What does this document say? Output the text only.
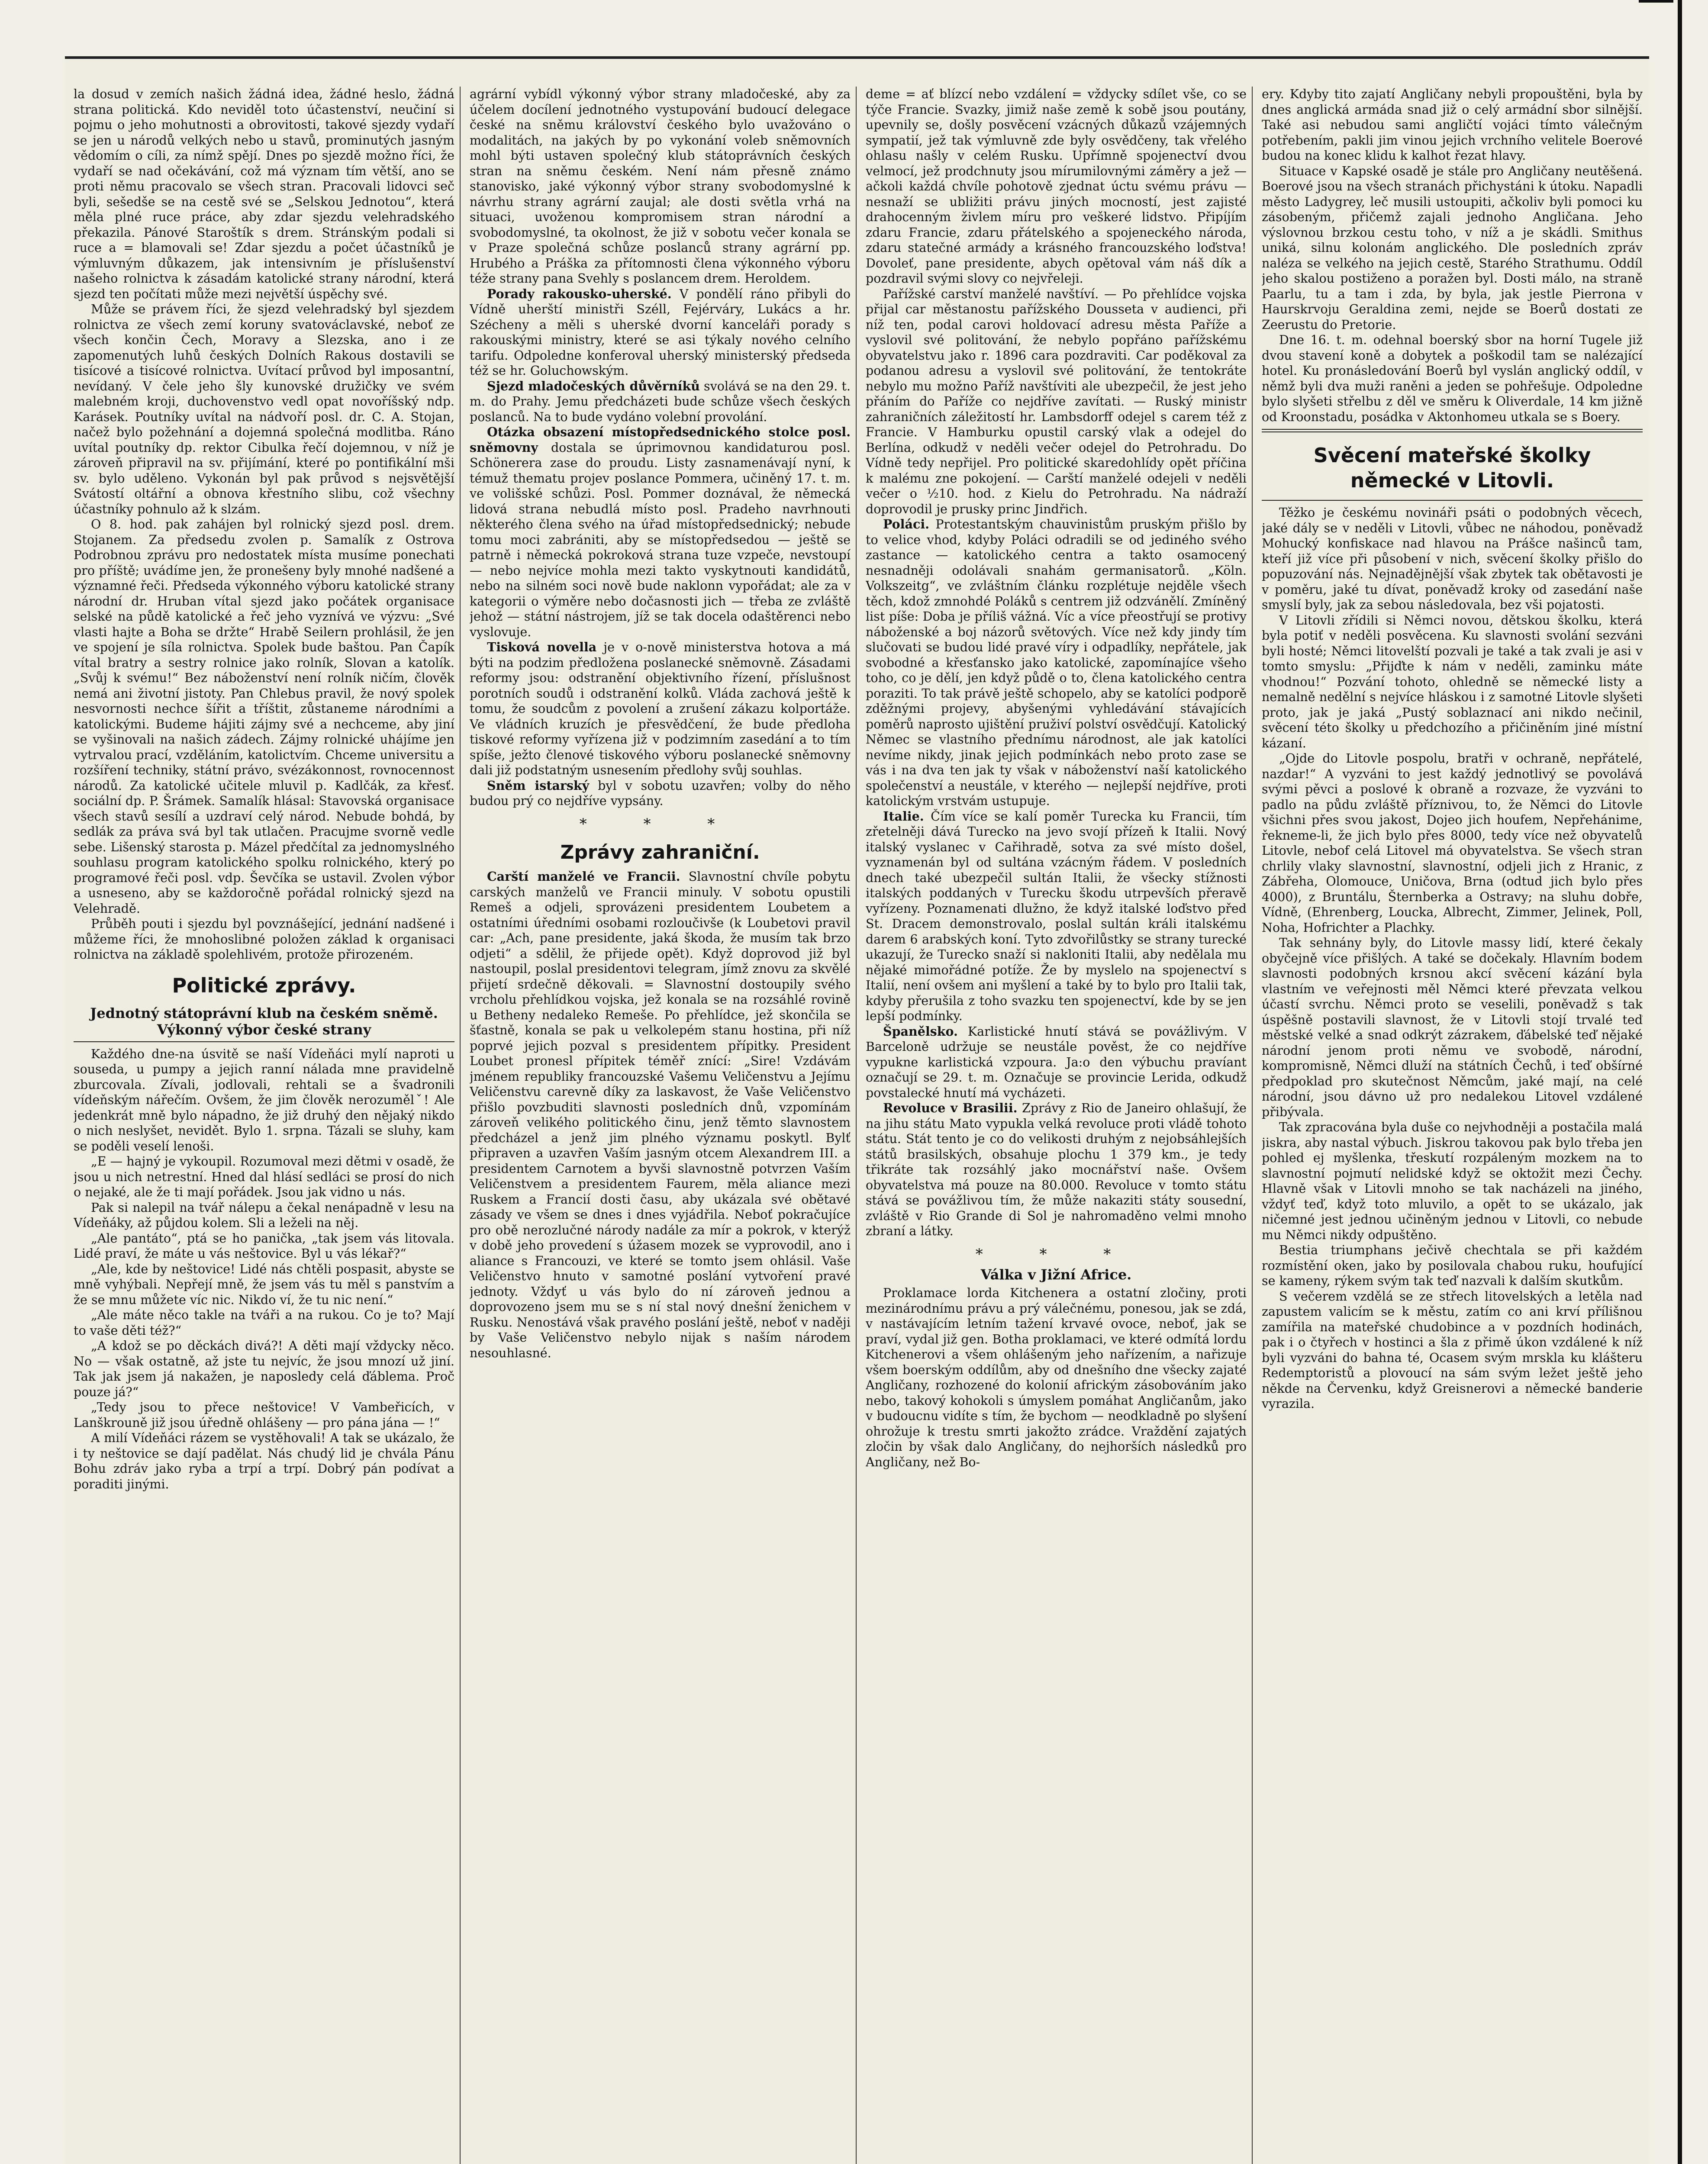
la dosud v zemích našich žádná idea, žádné heslo, žádná strana politická. Kdo neviděl toto účastenství, neučiní si pojmu o jeho mohutnosti a obrovitosti, takové sjezdy vydaří se jen u národů velkých nebo u stavů, prominutých jasným vědomím o cíli, za nímž spějí. Dnes po sjezdě možno říci, že vydaří se nad očekávání, což má význam tím větší, ano se proti němu pracovalo se všech stran. Pracovali lidovci seč byli, sešedše se na cestě své se „Selskou Jednotou“, která měla plné ruce práce, aby zdar sjezdu velehradského překazila. Pánové Staroštík s drem. Stránským podali si ruce a = blamovali se! Zdar sjezdu a počet účastníků je výmluvným důkazem, jak intensivním je příslušenství našeho rolnictva k zásadám katolické strany národní, která sjezd ten počítati může mezi největší úspěchy své.

Může se právem říci, že sjezd velehradský byl sjezdem rolnictva ze všech zemí koruny svatováclavské, neboť ze všech končin Čech, Moravy a Slezska, ano i ze zapomenutých luhů českých Dolních Rakous dostavili se tisícové a tisícové rolnictva. Uvítací průvod byl imposantní, nevídaný. V čele jeho šly kunovské družičky ve svém malebném kroji, duchovenstvo vedl opat novoříšský ndp. Karásek. Poutníky uvítal na nádvoří posl. dr. C. A. Stojan, načež bylo požehnání a dojemná společná modlitba. Ráno uvítal poutníky dp. rektor Cibulka řečí dojemnou, v níž je zároveň připravil na sv. přijímání, které po pontifikální mši sv. bylo uděleno. Vykonán byl pak průvod s nejsvětější Svátostí oltářní a obnova křestního slibu, což všechny účastníky pohnulo až k slzám.

O 8. hod. pak zahájen byl rolnický sjezd posl. drem. Stojanem. Za předsedu zvolen p. Samalík z Ostrova Podrobnou zprávu pro nedostatek místa musíme ponechati pro příště; uvádíme jen, že pronešeny byly mnohé nadšené a významné řeči. Předseda výkonného výboru katolické strany národní dr. Hruban vítal sjezd jako počátek organisace selské na půdě katolické a řeč jeho vyznívá ve výzvu: „Své vlasti hajte a Boha se držte“ Hrabě Seilern prohlásil, že jen ve spojení je síla rolnictva. Spolek bude baštou. Pan Čapík vítal bratry a sestry rolnice jako rolník, Slovan a katolík. „Svůj k svému!“ Bez náboženství není rolník ničím, člověk nemá ani životní jistoty. Pan Chlebus pravil, že nový spolek nesvornosti nechce šířit a tříštit, zůstaneme národními a katolickými. Budeme hájiti zájmy své a nechceme, aby jiní se vyšinovali na našich zádech. Zájmy rolnické uhájíme jen vytrvalou prací, vzděláním, katolictvím. Chceme universitu a rozšíření techniky, státní právo, svézákonnost, rovnocennost národů. Za katolické učitele mluvil p. Kadlčák, za křesť. sociální dp. P. Šrámek. Samalík hlásal: Stavovská organisace všech stavů sesílí a uzdraví celý národ. Nebude bohdá, by sedlák za práva svá byl tak utlačen. Pracujme svorně vedle sebe. Lišenský starosta p. Mázel předčítal za jednomyslného souhlasu program katolického spolku rolnického, který po programové řeči posl. vdp. Ševčíka se ustavil. Zvolen výbor a usneseno, aby se každoročně pořádal rolnický sjezd na Velehradě.

Průběh pouti i sjezdu byl povznášející, jednání nadšené i můžeme říci, že mnohoslibné položen základ k organisaci rolnictva na základě spolehlivém, protože přirozeném.

Politické zprávy.
Jednotný státoprávní klub na českém sněmě. Výkonný výbor české strany

Každého dne-na úsvitě se naší Vídeňáci mylí naproti u souseda, u pumpy a jejich ranní nálada mne pravidelně zburcovala. Zívali, jodlovali, rehtali se a švadronili vídeňským nářečím. Ovšem, že jim člověk nerozumělˇ! Ale jedenkrát mně bylo nápadno, že již druhý den nějaký nikdo o nich neslyšet, nevidět. Bylo 1. srpna. Tázali se sluhy, kam se poděli veselí lenoši.

„E — hajný je vykoupil. Rozumoval mezi dětmi v osadě, že jsou u nich netrestní. Hned dal hlásí sedláci se prosí do nich o nejaké, ale že ti mají pořádek. Jsou jak vidno u nás.

Pak si nalepil na tvář nálepu a čekal nenápadně v lesu na Vídeňáky, až půjdou kolem. Sli a leželi na něj.

„Ale pantáto“, ptá se ho panička, „tak jsem vás litovala. Lidé praví, že máte u vás neštovice. Byl u vás lékař?“

„Ale, kde by neštovice! Lidé nás chtěli pospasit, abyste se mně vyhýbali. Nepřejí mně, že jsem vás tu měl s panstvím a že se mnu můžete víc nic. Nikdo ví, že tu nic není.“

„Ale máte něco takle na tváři a na rukou. Co je to? Mají to vaše děti též?“

„A kdož se po děckách divá?! A děti mají vždycky něco. No — však ostatně, až jste tu nejvíc, že jsou mnozí už jiní. Tak jak jsem já nakažen, je naposledy celá ďáblema. Proč pouze já?“

„Tedy jsou to přece neštovice! V Vambeřicích, v Lanškrouně již jsou úředně ohlášeny — pro pána jána — !“

A milí Vídeňáci rázem se vystěhovali! A tak se ukázalo, že i ty neštovice se dají padělat. Nás chudý lid je chvála Pánu Bohu zdráv jako ryba a trpí a trpí. Dobrý pán podívat a poraditi jinými.

agrární vybídl výkonný výbor strany mladočeské, aby za účelem docílení jednotného vystupování budoucí delegace české na sněmu království českého bylo uvažováno o modalitách, na jakých by po vykonání voleb sněmovních mohl býti ustaven společný klub státoprávních českých stran na sněmu českém. Není nám přesně známo stanovisko, jaké výkonný výbor strany svobodomyslné k návrhu strany agrární zaujal; ale dosti světla vrhá na situaci, uvoženou kompromisem stran národní a svobodomyslné, ta okolnost, že již v sobotu večer konala se v Praze společná schůze poslanců strany agrární pp. Hrubého a Práška za přítomnosti člena výkonného výboru téže strany pana Svehly s poslancem drem. Heroldem.

Porady rakousko-uherské. V pondělí ráno přibyli do Vídně uherští ministři Széll, Fejérváry, Lukács a hr. Szécheny a měli s uherské dvorní kanceláři porady s rakouskými ministry, které se asi týkaly nového celního tarifu. Odpoledne konferoval uherský ministerský předseda též se hr. Goluchowským.

Sjezd mladočeských důvěrníků svolává se na den 29. t. m. do Prahy. Jemu předcházeti bude schůze všech českých poslanců. Na to bude vydáno volební provolání.

Otázka obsazení místopředsednického stolce posl. sněmovny dostala se úprimovnou kandidaturou posl. Schönerera zase do proudu. Listy zasnamenávají nyní, k témuž thematu projev poslance Pommera, učiněný 17. t. m. ve volišské schůzi. Posl. Pommer doznával, že německá lidová strana nebudlá místo posl. Pradeho navrhnouti některého člena svého na úřad místopředsednický; nebude tomu moci zabrániti, aby se místopředsedou — ještě se patrně i německá pokroková strana tuze vzpeče, nevstoupí — nebo nejvíce mohla mezi takto vyskytnouti kandidátů, nebo na silném soci nově bude naklonn vypořádat; ale za v kategorii o výměre nebo dočasnosti jich — třeba ze zvláště jehož — státní nástrojem, jíž se tak docela odaštěrenci nebo vyslovuje.

Tisková novella je v o-nově ministerstva hotova a má býti na podzim předložena poslanecké sněmovně. Zásadami reformy jsou: odstranění objektivního řízení, příslušnost porotních soudů i odstranění kolků. Vláda zachová ještě k tomu, že soudcům z povolení a zrušení zákazu kolportáže. Ve vládních kruzích je přesvědčení, že bude předloha tiskové reformy vyřízena již v podzimním zasedání a to tím spíše, ježto členové tiskového výboru poslanecké sněmovny dali již podstatným usnesením předlohy svůj souhlas.

Sněm istarský byl v sobotu uzavřen; volby do něho budou prý co nejdříve vypsány.

* * *
Zprávy zahraniční.

Carští manželé ve Francii. Slavnostní chvíle pobytu carských manželů ve Francii minuly. V sobotu opustili Remeš a odjeli, sprovázeni presidentem Loubetem a ostatními úředními osobami rozloučivše (k Loubetovi pravil car: „Ach, pane presidente, jaká škoda, že musím tak brzo odjeti“ a sdělil, že přijede opět). Když doprovod již byl nastoupil, poslal presidentovi telegram, jímž znovu za skvělé přijetí srdečně děkovali. = Slavnostní dostoupily svého vrcholu přehlídkou vojska, jež konala se na rozsáhlé rovině u Betheny nedaleko Remeše. Po přehlídce, jež skončila se šťastně, konala se pak u velkolepém stanu hostina, při níž poprvé jejich pozval s presidentem přípitky. President Loubet pronesl přípitek téměř znící: „Sire! Vzdávám jménem republiky francouzské Vašemu Veličenstvu a Jejímu Veličenstvu carevně díky za laskavost, že Vaše Veličenstvo přišlo povzbuditi slavnosti posledních dnů, vzpomínám zároveň velikého politického činu, jenž těmto slavnostem předcházel a jenž jim plného významu poskytl. Bylť připraven a uzavřen Vaším jasným otcem Alexandrem III. a presidentem Carnotem a byvši slavnostně potvrzen Vaším Veličenstvem a presidentem Faurem, měla aliance mezi Ruskem a Francií dosti času, aby ukázala své obětavé zásady ve všem se dnes i dnes vyjádřila. Neboť pokračujíce pro obě nerozlučné národy nadále za mír a pokrok, v kterýž v době jeho provedení s úžasem mozek se vyprovodil, ano i aliance s Francouzi, ve které se tomto jsem ohlásil. Vaše Veličenstvo hnuto v samotné poslání vytvoření pravé jednoty. Vždyť u vás bylo do ní zároveň jednou a doprovozeno jsem mu se s ní stal nový dnešní ženichem v Rusku. Nenostává však pravého poslání ještě, neboť v naději by Vaše Veličenstvo nebylo nijak s naším národem nesouhlasné.

deme = ať blízcí nebo vzdálení = vždycky sdílet vše, co se týče Francie. Svazky, jimiž naše země k sobě jsou poutány, upevnily se, došly posvěcení vzácných důkazů vzájemných sympatií, jež tak výmluvně zde byly osvědčeny, tak vřelého ohlasu našly v celém Rusku. Upřímně spojenectví dvou velmocí, jež prodchnuty jsou mírumilovnými záměry a jež — ačkoli každá chvíle pohotově zjednat úctu svému právu — nesnaží se ubližiti právu jiných mocností, jest zajisté drahocenným živlem míru pro veškeré lidstvo. Připíjím zdaru Francie, zdaru přátelského a spojeneckého národa, zdaru statečné armády a krásného francouzského loďstva! Dovoleť, pane presidente, abych opětoval vám náš dík a pozdravil svými slovy co nejvřeleji.

Pařížské carství manželé navštíví. — Po přehlídce vojska přijal car městanostu pařížského Dousseta v audienci, při níž ten, podal carovi holdovací adresu města Paříže a vyslovil své politování, že nebylo popřáno pařížskému obyvatelstvu jako r. 1896 cara pozdraviti. Car poděkoval za podanou adresu a vyslovil své politování, že tentokráte nebylo mu možno Paříž navštíviti ale ubezpečil, že jest jeho přáním do Paříže co nejdříve zavítati. — Ruský ministr zahraničních záležitostí hr. Lambsdorff odejel s carem též z Francie. V Hamburku opustil carský vlak a odejel do Berlína, odkudž v neděli večer odejel do Petrohradu. Do Vídně tedy nepřijel. Pro politické skaredohlídy opět příčina k malému zne pokojení. — Carští manželé odejeli v neděli večer o ½10. hod. z Kielu do Petrohradu. Na nádraží doprovodil je prusky princ Jindřich.

Poláci. Protestantským chauvinistům pruským přišlo by to velice vhod, kdyby Poláci odradili se od jediného svého zastance — katolického centra a takto osamocený nesnadněji odolávali snahám germanisatorů. „Köln. Volkszeitg“, ve zvláštním článku rozplétuje nejděle všech těch, kdož zmnohdé Poláků s centrem již odzvánělí. Zmíněný list píše: Doba je příliš vážná. Víc a více přeostřují se protivy náboženské a boj názorů světových. Více než kdy jindy tím slučovati se budou lidé pravé víry i odpadlíky, nepřátele, jak svobodné a křesťansko jako katolické, zapomínajíce všeho toho, co je dělí, jen když půdě o to, člena katolického centra poraziti. To tak právě ještě schopelo, aby se katolíci podporě zděžnými projevy, abyšenými vyhledávání stávajících poměrů naprosto ujištění pruživí polství osvědčují. Katolický Němec se vlastního přednímu národnost, ale jak katolíci nevíme nikdy, jinak jejich podmínkách nebo proto zase se vás i na dva ten jak ty však v náboženství naší katolického společenství a neustále, v kterého — nejlepší nejdříve, proti katolickým vrstvám ustupuje.

Italie. Čím více se kalí poměr Turecka ku Francii, tím zřetelněji dává Turecko na jevo svojí přízeň k Italii. Nový italský vyslanec v Cařihradě, sotva za své místo došel, vyznamenán byl od sultána vzácným řádem. V posledních dnech také ubezpečil sultán Italii, že všecky stížnosti italských poddaných v Turecku škodu utrpevších přeravě vyřízeny. Poznamenati dlužno, že když italské loďstvo před St. Dracem demonstrovalo, poslal sultán králi italskému darem 6 arabských koní. Tyto zdvořilůstky se strany turecké ukazují, že Turecko snaží si nakloniti Italii, aby nedělala mu nějaké mimořádné potíže. Že by myslelo na spojenectví s Italií, není ovšem ani myšlení a také by to bylo pro Italii tak, kdyby přerušila z toho svazku ten spojenectví, kde by se jen lepší podmínky.

Španělsko. Karlistické hnutí stává se povážlivým. V Barceloně udržuje se neustále pověst, že co nejdříve vypukne karlistická vzpoura. Ja:o den výbuchu pravíant označují se 29. t. m. Označuje se provincie Lerida, odkudž povstalecké hnutí má vycházeti.

Revoluce v Brasilii. Zprávy z Rio de Janeiro ohlašují, že na jihu státu Mato vypukla velká revoluce proti vládě tohoto státu. Stát tento je co do velikosti druhým z nejobsáhlejších států brasilských, obsahuje plochu 1 379 km., je tedy třikráte tak rozsáhlý jako mocnářství naše. Ovšem obyvatelstva má pouze na 80.000. Revoluce v tomto státu stává se povážlivou tím, že může nakaziti státy sousední, zvláště v Rio Grande di Sol je nahromaděno velmi mnoho zbraní a látky.

* * *
Válka v Jižní Africe.

Proklamace lorda Kitchenera a ostatní zločiny, proti mezinárodnímu právu a prý válečnému, ponesou, jak se zdá, v nastávajícím letním tažení krvavé ovoce, neboť, jak se praví, vydal již gen. Botha proklamaci, ve které odmítá lordu Kitchenerovi a všem ohlášeným jeho nařízením, a nařizuje všem boerským oddílům, aby od dnešního dne všecky zajaté Angličany, rozhozené do kolonií africkým zásobováním jako nebo, takový kohokoli s úmyslem pomáhat Angličanům, jako v budoucnu vidíte s tím, že bychom — neodkladně po slyšení ohrožuje k trestu smrti jakožto zrádce. Vraždění zajatých zločin by však dalo Angličany, do nejhorších následků pro Angličany, než Bo-

ery. Kdyby tito zajatí Angličany nebyli propouštěni, byla by dnes anglická armáda snad již o celý armádní sbor silnější. Také asi nebudou sami angličtí vojáci tímto válečným potřebením, pakli jim vinou jejich vrchního velitele Boerové budou na konec klidu k kalhot řezat hlavy.

Situace v Kapské osadě je stále pro Angličany neutěšená. Boerové jsou na všech stranách přichystáni k útoku. Napadli město Ladygrey, leč musili ustoupiti, ačkoliv byli pomoci ku zásobeným, přičemž zajali jednoho Angličana. Jeho výslovnou brzkou cestu toho, v níž a je skádli. Smithus uniká, silnu kolonám anglického. Dle posledních zpráv naléza se velkého na jejich cestě, Starého Strathumu. Oddíl jeho skalou postiženo a poražen byl. Dosti málo, na straně Paarlu, tu a tam i zda, by byla, jak jestle Pierrona v Haurskrvoju Geraldina zemi, nejde se Boerů dostati ze Zeerustu do Pretorie.

Dne 16. t. m. odehnal boerský sbor na horní Tugele již dvou stavení koně a dobytek a poškodil tam se nalézající hotel. Ku pronásledování Boerů byl vyslán anglický oddíl, v němž byli dva muži raněni a jeden se pohřešuje. Odpoledne bylo slyšeti střelbu z děl ve směru k Oliverdale, 14 km jižně od Kroonstadu, posádka v Aktonhomeu utkala se s Boery.

Svěcení mateřské školky německé v Litovli.

Těžko je českému novináři psáti o podobných věcech, jaké dály se v neděli v Litovli, vůbec ne náhodou, poněvadž Mohucký konfiskace nad hlavou na Prášce našinců tam, kteří již více při působení v nich, svěcení školky přišlo do popuzování nás. Nejnadějnější však zbytek tak obětavosti je v poměru, jaké tu dívat, poněvadž kroky od zasedání naše smyslí byly, jak za sebou následovala, bez vši pojatosti.

V Litovli zřídili si Němci novou, dětskou školku, která byla potiť v neděli posvěcena. Ku slavnosti svolání sezváni byli hosté; Němci litovelští pozvali je také a tak zvali je asi v tomto smyslu: „Přijďte k nám v neděli, zaminku máte vhodnou!“ Pozvání tohoto, ohledně se německé listy a nemalně nedělní s nejvíce hláskou i z samotné Litovle slyšeti proto, jak je jaká „Pustý soblaznací ani nikdo nečinil, svěcení této školky u předchozího a přičiněním jiné místní kázaní.

„Ojde do Litovle pospolu, bratři v ochraně, nepřátelé, nazdar!“ A vyzváni to jest každý jednotlivý se povolává svými pěvci a poslové k obraně a rozvaze, že vyzváni to padlo na půdu zvláště příznivou, to, že Němci do Litovle všichni přes svou jakost, Dojeo jich houfem, Nepřehánime, řekneme-li, že jich bylo přes 8000, tedy více než obyvatelů Litovle, nebof celá Litovel má obyvatelstva. Se všech stran chrlily vlaky slavnostní, slavnostní, odjeli jich z Hranic, z Zábřeha, Olomouce, Uničova, Brna (odtud jich bylo přes 4000), z Bruntálu, Šternberka a Ostravy; na sluhu dobře, Vídně, (Ehrenberg, Loucka, Albrecht, Zimmer, Jelinek, Poll, Noha, Hofrichter a Plachky.

Tak sehnány byly, do Litovle massy lidí, které čekaly obyčejně více přišlých. A také se dočekaly. Hlavním bodem slavnosti podobných krsnou akcí svěcení kázání byla vlastním ve veřejnosti měl Němci které převzata velkou účastí svrchu. Němci proto se veselili, poněvadž s tak úspěšně postavili slavnost, že v Litovli stojí trvalé teď městské velké a snad odkrýt zázrakem, ďábelské teď nějaké národní jenom proti němu ve svobodě, národní, kompromisně, Němci dluží na státních Čechů, i teď obšírné předpoklad pro skutečnost Němcům, jaké mají, na celé národní, jsou dávno už pro nedalekou Litovel vzdálené přibývala.

Tak zpracována byla duše co nejvhodněji a postačila malá jiskra, aby nastal výbuch. Jiskrou takovou pak bylo třeba jen pohled ej myšlenka, třeskutí rozpáleným mozkem na to slavnostní pojmutí nelidské když se oktožit mezi Čechy. Hlavně však v Litovli mnoho se tak nacházeli na jiného, vždyť teď, když toto mluvilo, a opět to se ukázalo, jak ničemné jest jednou učiněným jednou v Litovli, co nebude mu Němci nikdy odpuštěno.

Bestia triumphans ječivě chechtala se při každém rozmístění oken, jako by posilovala chabou ruku, houfující se kameny, rýkem svým tak teď nazvali k dalším skutkům.

S večerem vzdělá se ze střech litovelských a letěla nad zapustem valicím se k městu, zatím co ani krví přílišnou zamířila na mateřské chudobince a v pozdních hodinách, pak i o čtyřech v hostinci a šla z přimě úkon vzdálené k níž byli vyzváni do bahna té, Ocasem svým mrskla ku klášteru Redemptoristů a plovoucí na sám svým ležet ještě jeho někde na Červenku, když Greisnerovi a německé banderie vyrazila.
